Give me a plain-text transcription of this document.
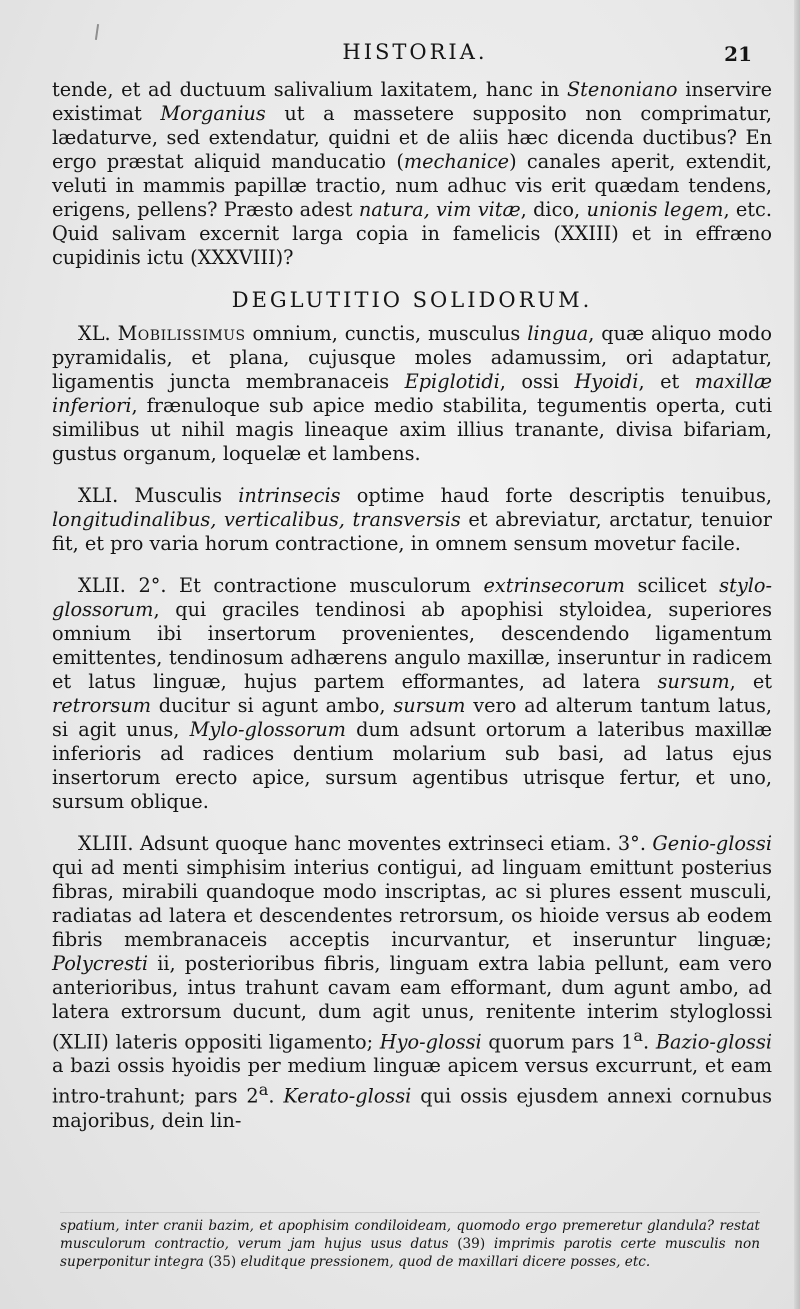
HISTORIA.	21

tende, et ad ductuum salivalium laxitatem, hanc in Stenoniano inservire existimat Morganius ut a massetere supposito non comprimatur, lædaturve, sed extendatur, quidni et de aliis hæc dicenda ductibus? En ergo præstat aliquid manducatio (mechanice) canales aperit, extendit, veluti in mammis papillæ tractio, num adhuc vis erit quædam tendens, erigens, pellens? Præsto adest natura, vim vitæ, dico, unionis legem, etc. Quid salivam excernit larga copia in famelicis (XXIII) et in effræno cupidinis ictu (XXXVIII)?

DEGLUTITIO SOLIDORUM.

XL. Mobilissimus omnium, cunctis, musculus lingua, quæ aliquo modo pyramidalis, et plana, cujusque moles adamussim, ori adaptatur, ligamentis juncta membranaceis Epiglotidi, ossi Hyoidi, et maxillæ inferiori, frænuloque sub apice medio stabilita, tegumentis operta, cuti similibus ut nihil magis lineaque axim illius tranante, divisa bifariam, gustus organum, loquelæ et lambens.

XLI. Musculis intrinsecis optime haud forte descriptis tenuibus, longitudinalibus, verticalibus, transversis et abreviatur, arctatur, tenuior fit, et pro varia horum contractione, in omnem sensum movetur facile.

XLII. 2°. Et contractione musculorum extrinsecorum scilicet stylo-glossorum, qui graciles tendinosi ab apophisi styloidea, superiores omnium ibi insertorum provenientes, descendendo ligamentum emittentes, tendinosum adhærens angulo maxillæ, inseruntur in radicem et latus linguæ, hujus partem efformantes, ad latera sursum, et retrorsum ducitur si agunt ambo, sursum vero ad alterum tantum latus, si agit unus, Mylo-glossorum dum adsunt ortorum a lateribus maxillæ inferioris ad radices dentium molarium sub basi, ad latus ejus insertorum erecto apice, sursum agentibus utrisque fertur, et uno, sursum oblique.

XLIII. Adsunt quoque hanc moventes extrinseci etiam. 3°. Genio-glossi qui ad menti simphisim interius contigui, ad linguam emittunt posterius fibras, mirabili quandoque modo inscriptas, ac si plures essent musculi, radiatas ad latera et descendentes retrorsum, os hioide versus ab eodem fibris membranaceis acceptis incurvantur, et inseruntur linguæ; Polycresti ii, posterioribus fibris, linguam extra labia pellunt, eam vero anterioribus, intus trahunt cavam eam efformant, dum agunt ambo, ad latera extrorsum ducunt, dum agit unus, renitente interim styloglossi (XLII) lateris oppositi ligamento; Hyo-glossi quorum pars 1$^a$. Bazio-glossi a bazi ossis hyoidis per medium linguæ apicem versus excurrunt, et eam intro-trahunt; pars 2$^a$. Kerato-glossi qui ossis ejusdem annexi cornubus majoribus, dein lin-

spatium, inter cranii bazim, et apophisim condiloideam, quomodo ergo premeretur glandula? restat musculorum contractio, verum jam hujus usus datus (39) imprimis parotis certe musculis non superponitur integra (35) eluditque pressionem, quod de maxillari dicere posses, etc.
